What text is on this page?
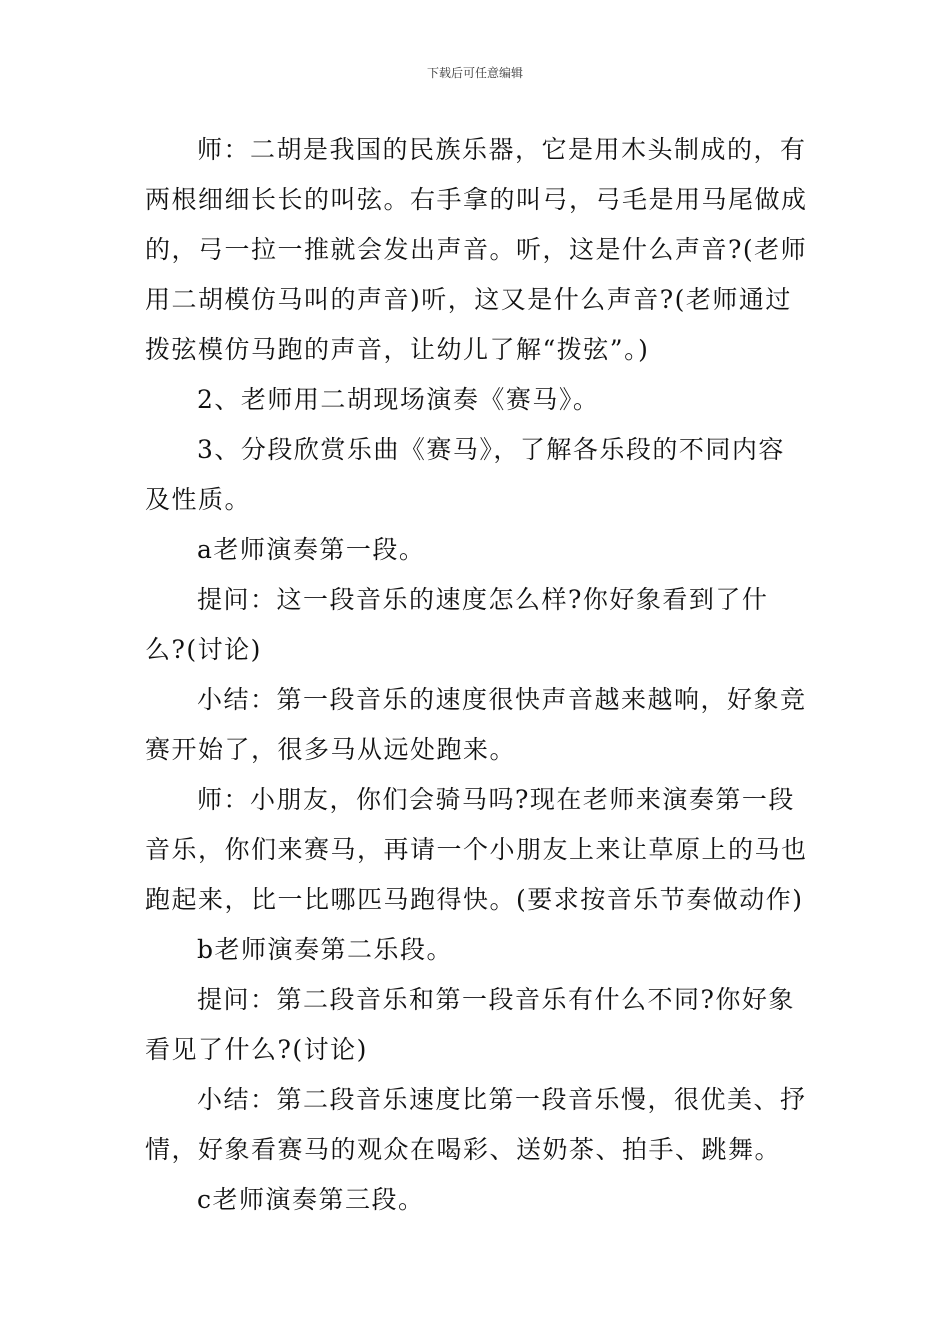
下载后可任意编辑

师：二胡是我国的民族乐器，它是用木头制成的，有两根细细长长的叫弦。右手拿的叫弓，弓毛是用马尾做成的，弓一拉一推就会发出声音。听，这是什么声音?(老师用二胡模仿马叫的声音)听，这又是什么声音?(老师通过拨弦模仿马跑的声音，让幼儿了解“拨弦”。)

2、老师用二胡现场演奏《赛马》。

3、分段欣赏乐曲《赛马》，了解各乐段的不同内容及性质。

a老师演奏第一段。

提问：这一段音乐的速度怎么样?你好象看到了什么?(讨论)

小结：第一段音乐的速度很快声音越来越响，好象竞赛开始了，很多马从远处跑来。

师：小朋友，你们会骑马吗?现在老师来演奏第一段音乐，你们来赛马，再请一个小朋友上来让草原上的马也跑起来，比一比哪匹马跑得快。(要求按音乐节奏做动作)

b老师演奏第二乐段。

提问：第二段音乐和第一段音乐有什么不同?你好象看见了什么?(讨论)

小结：第二段音乐速度比第一段音乐慢，很优美、抒情，好象看赛马的观众在喝彩、送奶茶、拍手、跳舞。

c老师演奏第三段。
